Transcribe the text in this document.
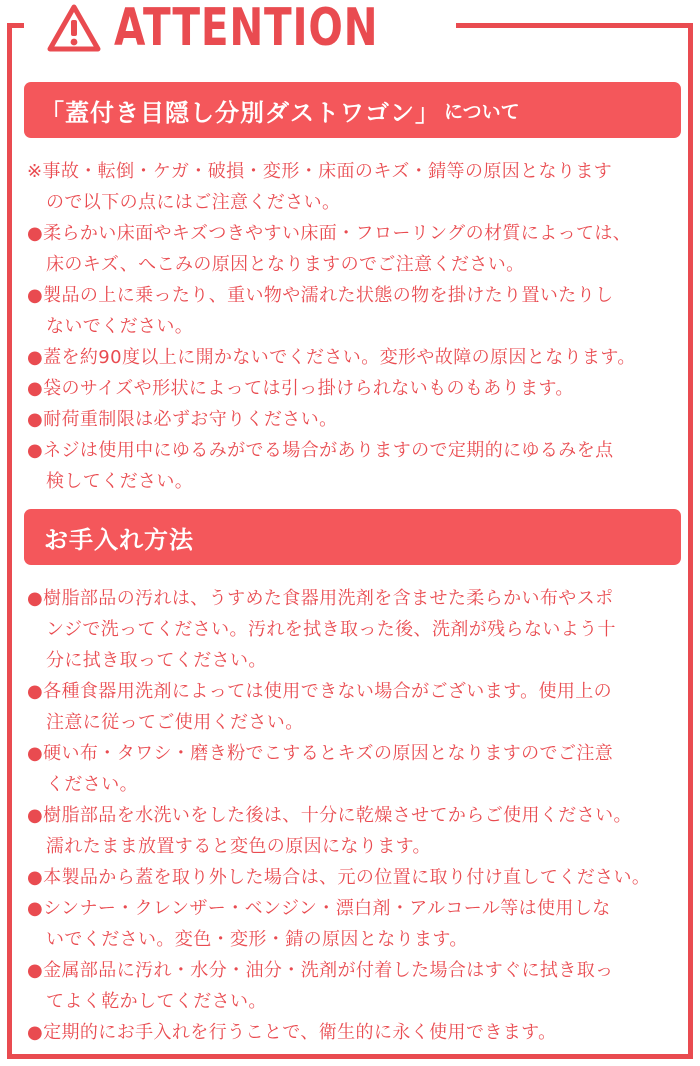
ATTENTION
「蓋付き目隠し分別ダストワゴン」 について
※事故・転倒・ケガ・破損・変形・床面のキズ・錆等の原因となります
ので以下の点にはご注意ください。
●柔らかい床面やキズつきやすい床面・フローリングの材質によっては、
床のキズ、へこみの原因となりますのでご注意ください。
●製品の上に乗ったり、重い物や濡れた状態の物を掛けたり置いたりし
ないでください。
●蓋を約90度以上に開かないでください。変形や故障の原因となります。
●袋のサイズや形状によっては引っ掛けられないものもあります。
●耐荷重制限は必ずお守りください。
●ネジは使用中にゆるみがでる場合がありますので定期的にゆるみを点
検してください。
お手入れ方法
●樹脂部品の汚れは、うすめた食器用洗剤を含ませた柔らかい布やスポ
ンジで洗ってください。汚れを拭き取った後、洗剤が残らないよう十
分に拭き取ってください。
●各種食器用洗剤によっては使用できない場合がございます。使用上の
注意に従ってご使用ください。
●硬い布・タワシ・磨き粉でこするとキズの原因となりますのでご注意
ください。
●樹脂部品を水洗いをした後は、十分に乾燥させてからご使用ください。
濡れたまま放置すると変色の原因になります。
●本製品から蓋を取り外した場合は、元の位置に取り付け直してください。
●シンナー・クレンザー・ベンジン・漂白剤・アルコール等は使用しな
いでください。変色・変形・錆の原因となります。
●金属部品に汚れ・水分・油分・洗剤が付着した場合はすぐに拭き取っ
てよく乾かしてください。
●定期的にお手入れを行うことで、衛生的に永く使用できます。
